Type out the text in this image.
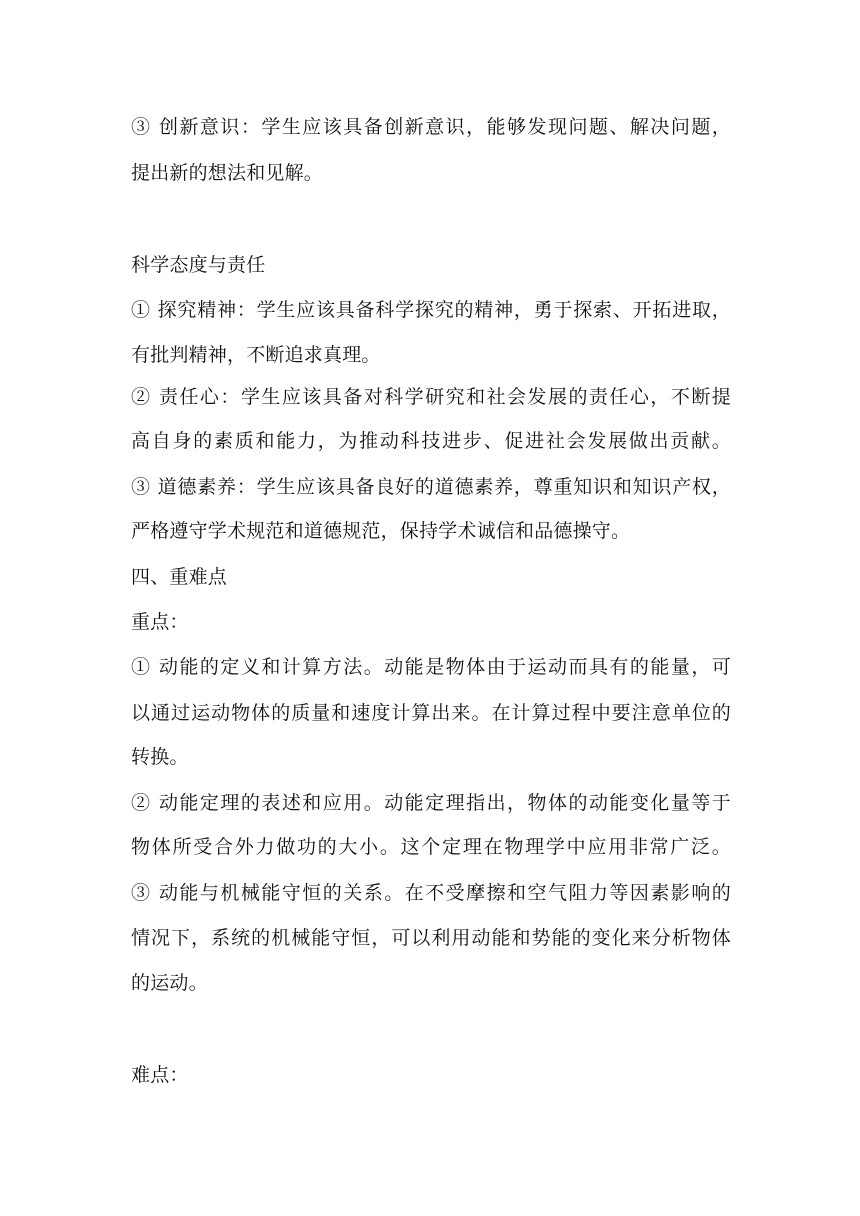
③ 创新意识：学生应该具备创新意识，能够发现问题、解决问题，
提出新的想法和见解。
科学态度与责任
① 探究精神：学生应该具备科学探究的精神，勇于探索、开拓进取，
有批判精神，不断追求真理。
② 责任心：学生应该具备对科学研究和社会发展的责任心，不断提
高自身的素质和能力，为推动科技进步、促进社会发展做出贡献。
③ 道德素养：学生应该具备良好的道德素养，尊重知识和知识产权，
严格遵守学术规范和道德规范，保持学术诚信和品德操守。
四、重难点
重点：
① 动能的定义和计算方法。动能是物体由于运动而具有的能量，可
以通过运动物体的质量和速度计算出来。在计算过程中要注意单位的
转换。
② 动能定理的表述和应用。动能定理指出，物体的动能变化量等于
物体所受合外力做功的大小。这个定理在物理学中应用非常广泛。
③ 动能与机械能守恒的关系。在不受摩擦和空气阻力等因素影响的
情况下，系统的机械能守恒，可以利用动能和势能的变化来分析物体
的运动。
难点：
